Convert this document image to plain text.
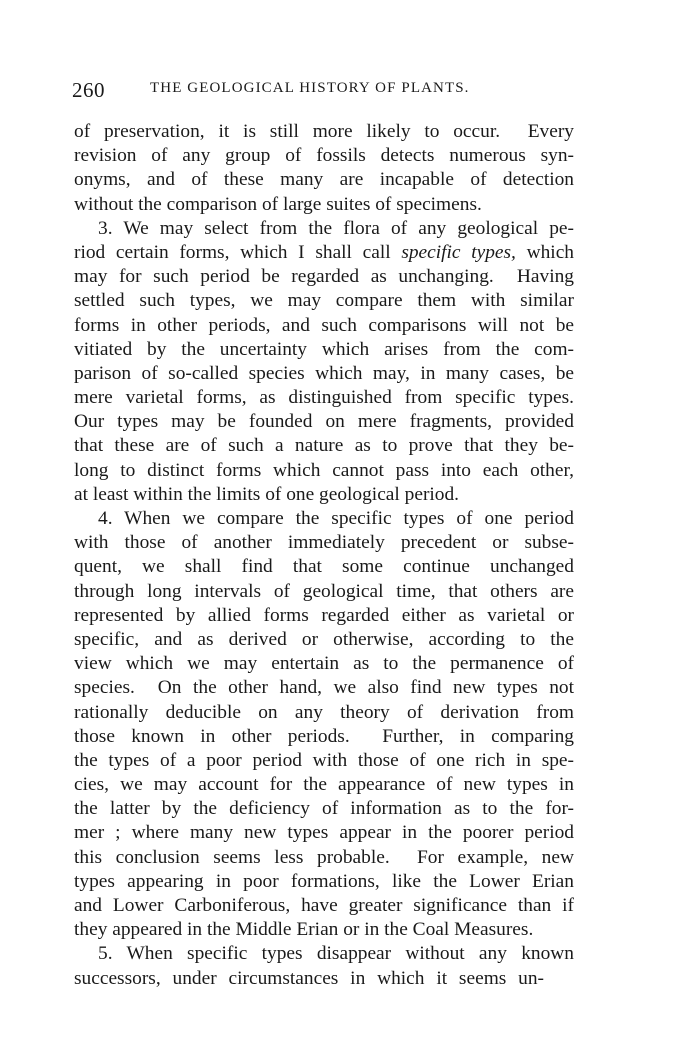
260	THE GEOLOGICAL HISTORY OF PLANTS.
of preservation, it is still more likely to occur.  Every
revision of any group of fossils detects numerous syn-
onyms, and of these many are incapable of detection
without the comparison of large suites of specimens.
3. We may select from the flora of any geological pe-
riod certain forms, which I shall call specific types, which
may for such period be regarded as unchanging.  Having
settled such types, we may compare them with similar
forms in other periods, and such comparisons will not be
vitiated by the uncertainty which arises from the com-
parison of so-called species which may, in many cases, be
mere varietal forms, as distinguished from specific types.
Our types may be founded on mere fragments, provided
that these are of such a nature as to prove that they be-
long to distinct forms which cannot pass into each other,
at least within the limits of one geological period.
4. When we compare the specific types of one period
with those of another immediately precedent or subse-
quent, we shall find that some continue unchanged
through long intervals of geological time, that others are
represented by allied forms regarded either as varietal or
specific, and as derived or otherwise, according to the
view which we may entertain as to the permanence of
species.  On the other hand, we also find new types not
rationally deducible on any theory of derivation from
those known in other periods.  Further, in comparing
the types of a poor period with those of one rich in spe-
cies, we may account for the appearance of new types in
the latter by the deficiency of information as to the for-
mer ; where many new types appear in the poorer period
this conclusion seems less probable.  For example, new
types appearing in poor formations, like the Lower Erian
and Lower Carboniferous, have greater significance than if
they appeared in the Middle Erian or in the Coal Measures.
5. When specific types disappear without any known
successors, under circumstances in which it seems un-
